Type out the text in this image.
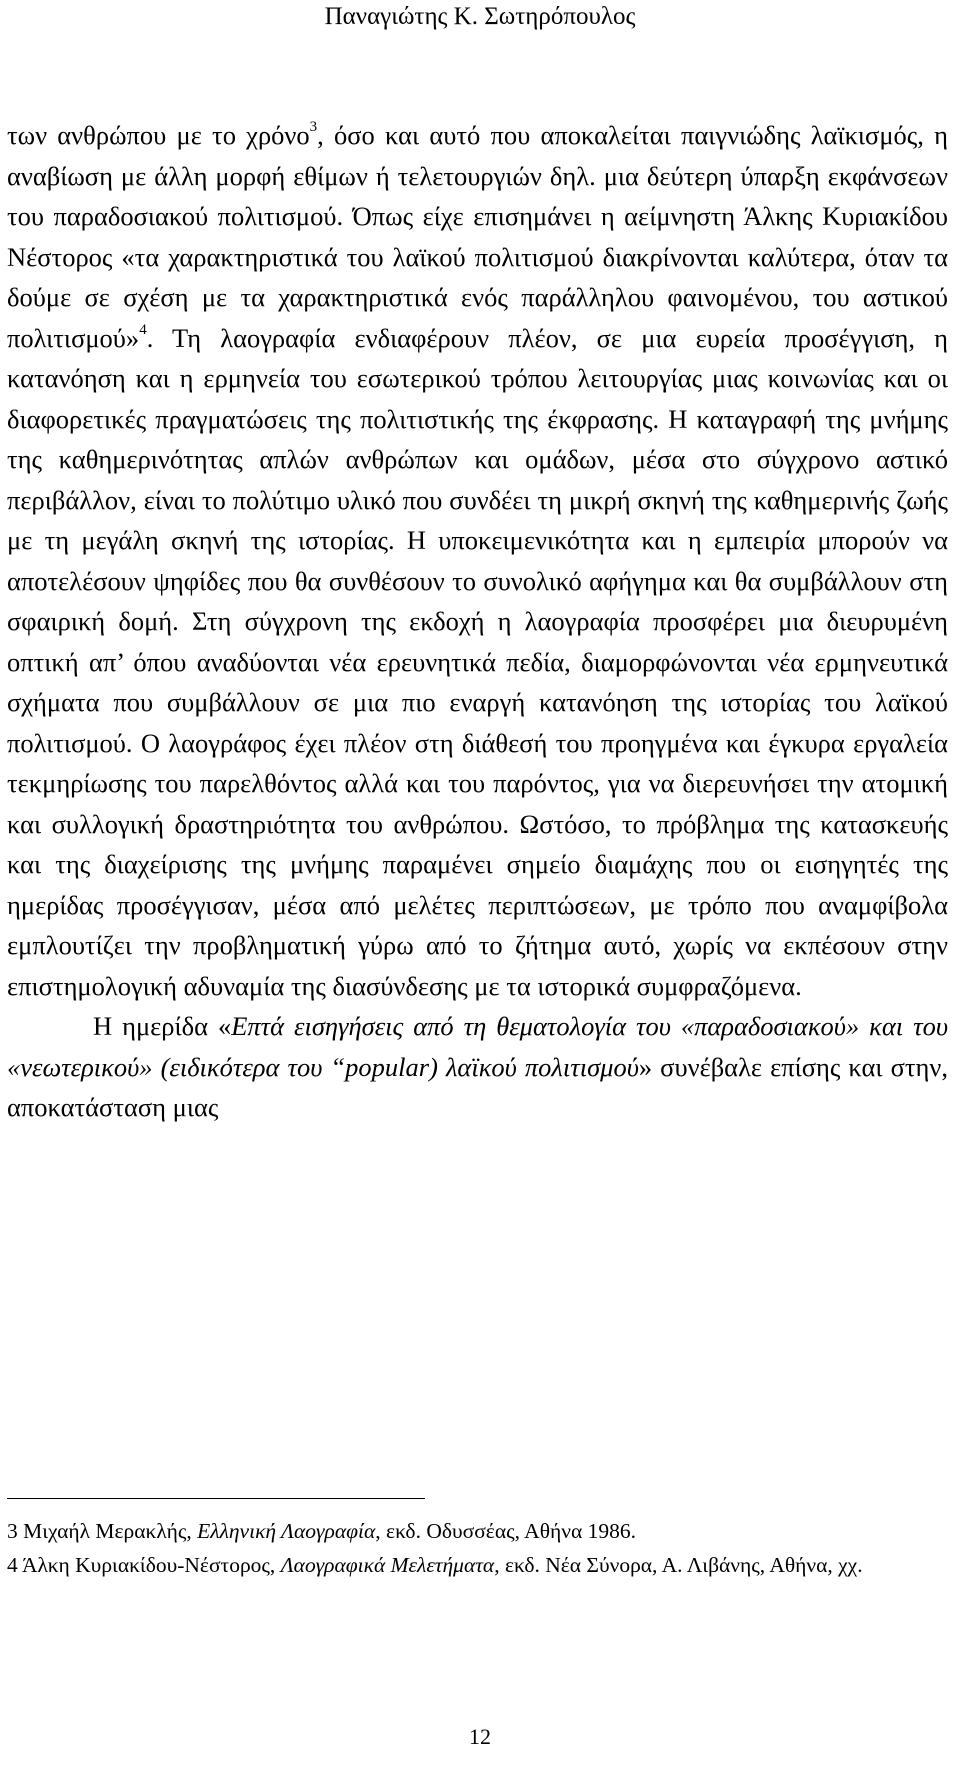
Παναγιώτης Κ. Σωτηρόπουλος

των ανθρώπου με το χρόνο$^3$, όσο και αυτό που αποκαλείται παιγνιώδης λαϊκισμός, η αναβίωση με άλλη μορφή εθίμων ή τελετουργιών δηλ. μια δεύτερη ύπαρξη εκφάνσεων του παραδοσιακού πολιτισμού. Όπως είχε επισημάνει η αείμνηστη Άλκης Κυριακίδου Νέστορος «τα χαρακτηριστικά του λαϊκού πολιτισμού διακρίνονται καλύτερα, όταν τα δούμε σε σχέση με τα χαρακτηριστικά ενός παράλληλου φαινομένου, του αστικού πολιτισμού»$^4$. Τη λαογραφία ενδιαφέρουν πλέον, σε μια ευρεία προσέγγιση, η κατανόηση και η ερμηνεία του εσωτερικού τρόπου λειτουργίας μιας κοινωνίας και οι διαφορετικές πραγματώσεις της πολιτιστικής της έκφρασης. Η καταγραφή της μνήμης της καθημερινότητας απλών ανθρώπων και ομάδων, μέσα στο σύγχρονο αστικό περιβάλλον, είναι το πολύτιμο υλικό που συνδέει τη μικρή σκηνή της καθημερινής ζωής με τη μεγάλη σκηνή της ιστορίας. Η υποκειμενικότητα και η εμπειρία μπορούν να αποτελέσουν ψηφίδες που θα συνθέσουν το συνολικό αφήγημα και θα συμβάλλουν στη σφαιρική δομή. Στη σύγχρονη της εκδοχή η λαογραφία προσφέρει μια διευρυμένη οπτική απ’ όπου αναδύονται νέα ερευνητικά πεδία, διαμορφώνονται νέα ερμηνευτικά σχήματα που συμβάλλουν σε μια πιο εναργή κατανόηση της ιστορίας του λαϊκού πολιτισμού. Ο λαογράφος έχει πλέον στη διάθεσή του προηγμένα και έγκυρα εργαλεία τεκμηρίωσης του παρελθόντος αλλά και του παρόντος, για να διερευνήσει την ατομική και συλλογική δραστηριότητα του ανθρώπου. Ωστόσο, το πρόβλημα της κατασκευής και της διαχείρισης της μνήμης παραμένει σημείο διαμάχης που οι εισηγητές της ημερίδας προσέγγισαν, μέσα από μελέτες περιπτώσεων, με τρόπο που αναμφίβολα εμπλουτίζει την προβληματική γύρω από το ζήτημα αυτό, χωρίς να εκπέσουν στην επιστημολογική αδυναμία της διασύνδεσης με τα ιστορικά συμφραζόμενα.

Η ημερίδα «Επτά εισηγήσεις από τη θεματολογία του «παραδοσιακού» και του «νεωτερικού» (ειδικότερα του “popular) λαϊκού πολιτισμού» συνέβαλε επίσης και στην, αποκατάσταση μιας

3 Μιχαήλ Μερακλής, Ελληνική Λαογραφία, εκδ. Οδυσσέας, Αθήνα 1986.

4 Άλκη Κυριακίδου-Νέστορος, Λαογραφικά Μελετήματα, εκδ. Νέα Σύνορα, Α. Λιβάνης, Αθήνα, χχ.

12
